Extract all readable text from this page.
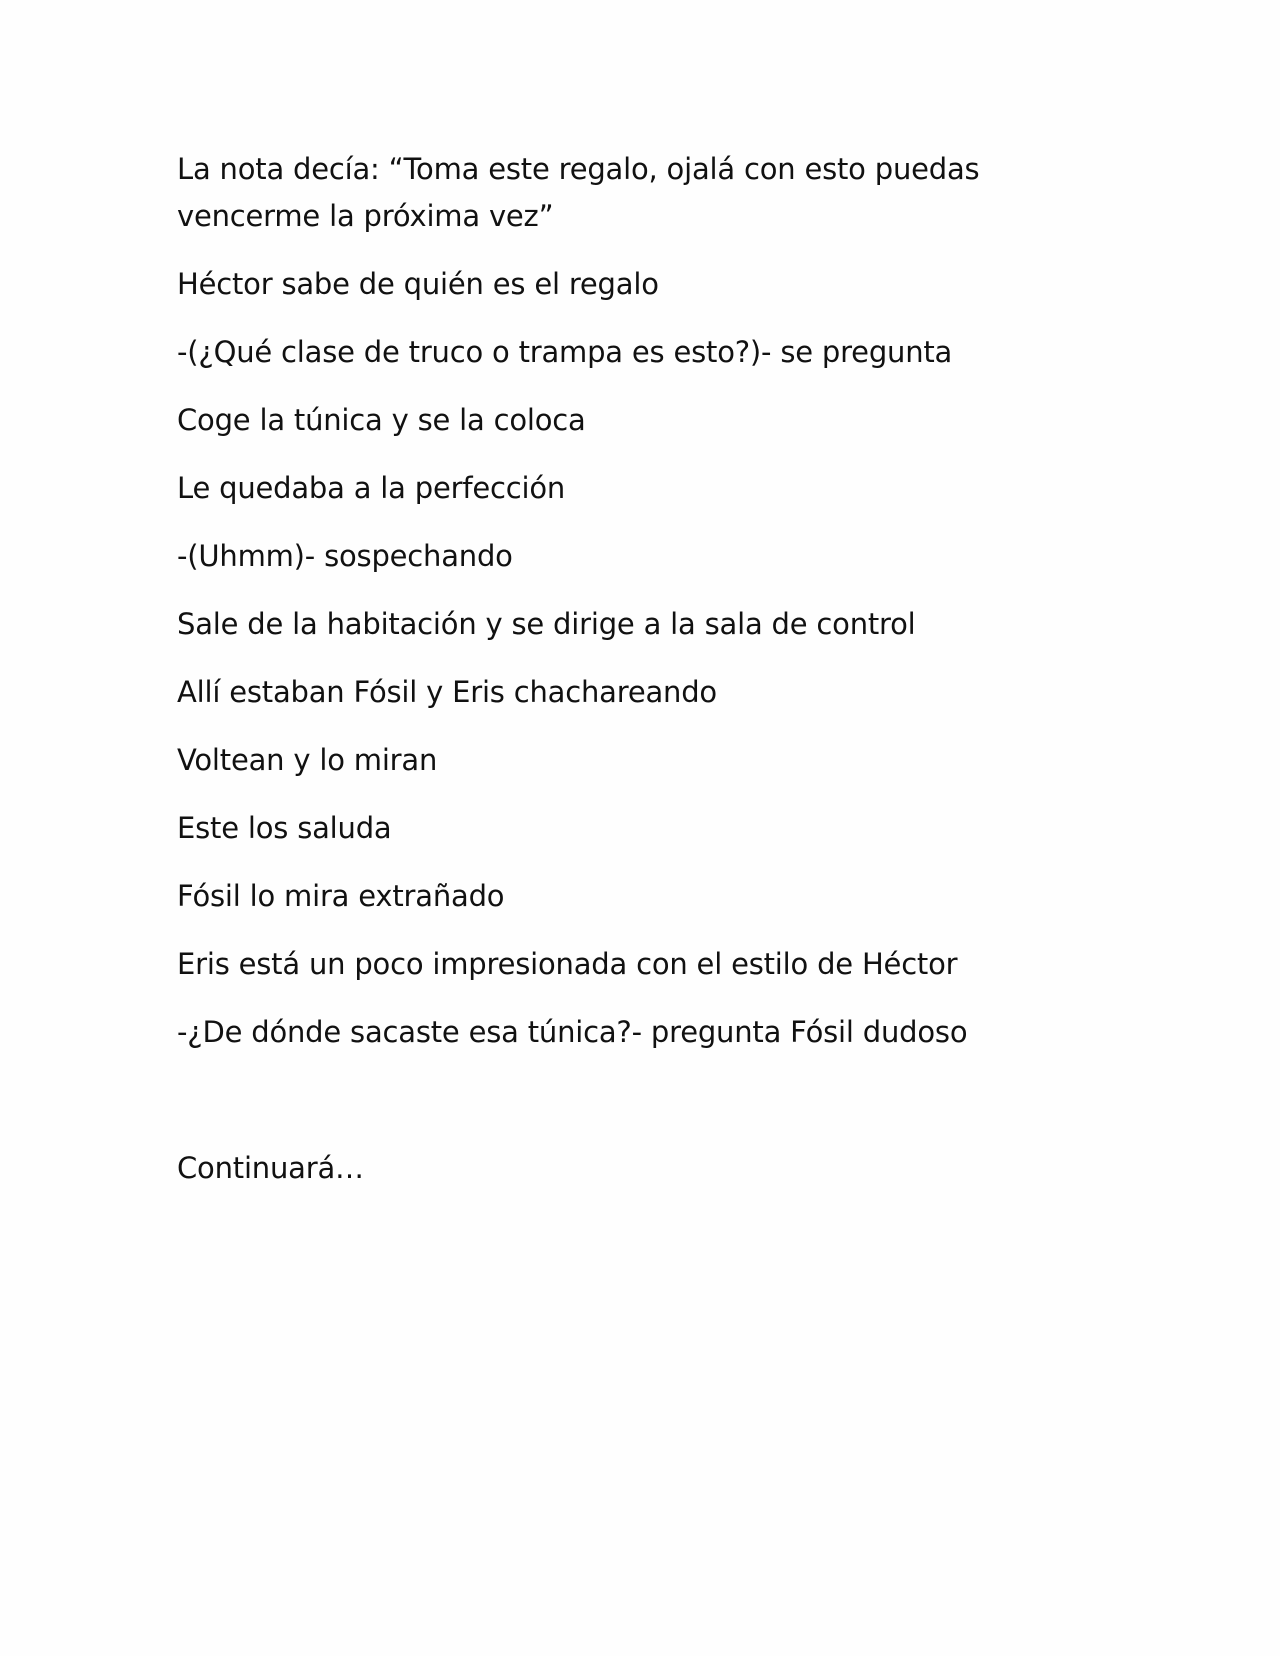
La nota decía: “Toma este regalo, ojalá con esto puedas vencerme la próxima vez”

Héctor sabe de quién es el regalo

-(¿Qué clase de truco o trampa es esto?)- se pregunta

Coge la túnica y se la coloca

Le quedaba a la perfección

-(Uhmm)- sospechando

Sale de la habitación y se dirige a la sala de control

Allí estaban Fósil y Eris chachareando

Voltean y lo miran

Este los saluda

Fósil lo mira extrañado

Eris está un poco impresionada con el estilo de Héctor

-¿De dónde sacaste esa túnica?- pregunta Fósil dudoso

Continuará…
